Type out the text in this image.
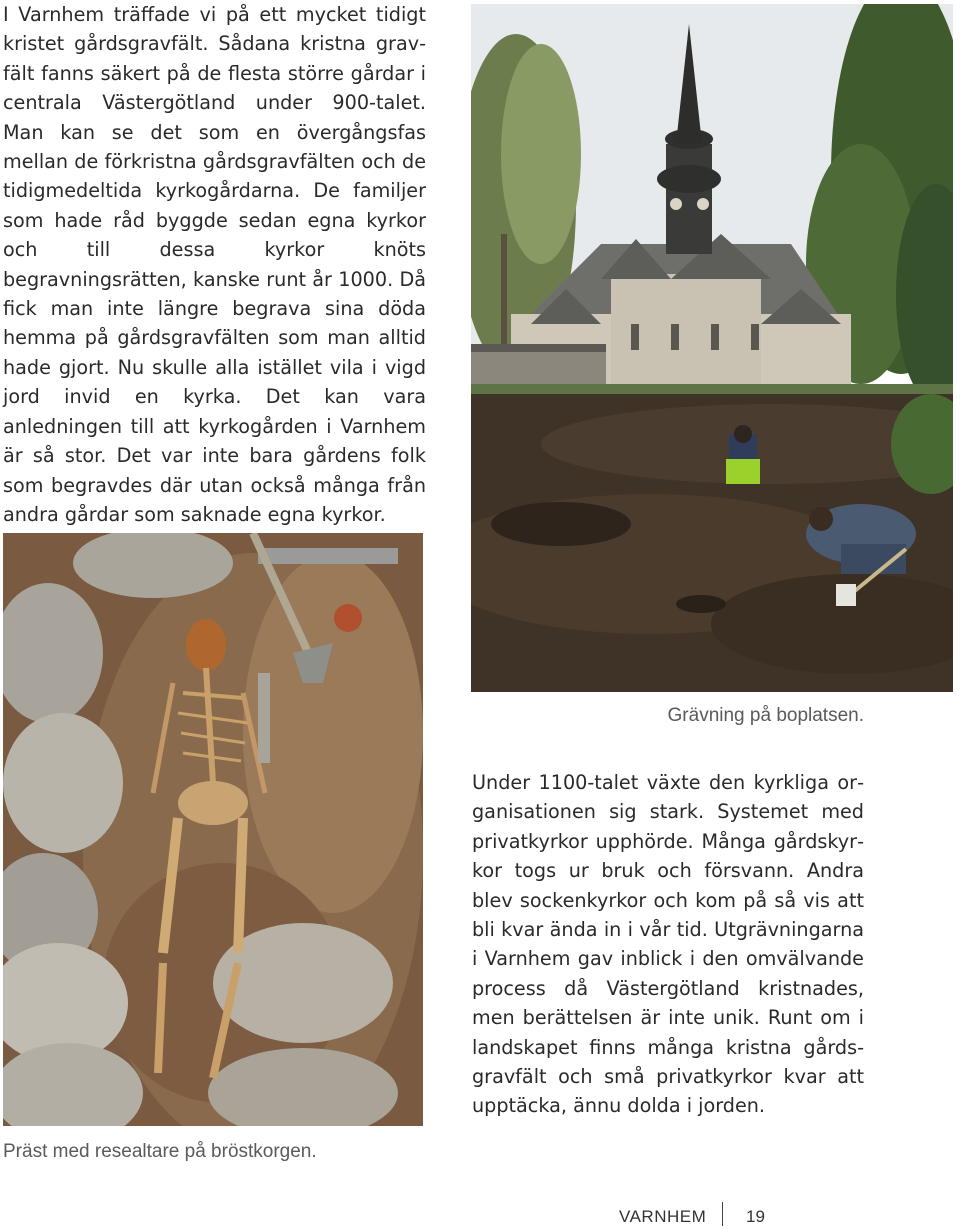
I Varnhem träffade vi på ett mycket tidigt kristet gårdsgravfält. Sådana kristna gravfält fanns säkert på de flesta större gårdar i centrala Västergötland under 900-talet. Man kan se det som en övergångsfas mellan de förkristna gårdsgravfälten och de tidigmedeltida kyrkogårdarna. De familjer som hade råd byggde sedan egna kyrkor och till dessa kyrkor knöts begravningsrätten, kanske runt år 1000. Då fick man inte längre begrava sina döda hemma på gårdsgravfälten som man alltid hade gjort. Nu skulle alla istället vila i vigd jord invid en kyrka. Det kan vara anledningen till att kyrkogården i Varnhem är så stor. Det var inte bara gårdens folk som begravdes där utan också många från andra gårdar som saknade egna kyrkor.

Grävning på boplatsen.
Präst med resealtare på bröstkorgen.

Under 1100-talet växte den kyrkliga organisationen sig stark. Systemet med privatkyrkor upphörde. Många gårdskyrkor togs ur bruk och försvann. Andra blev sockenkyrkor och kom på så vis att bli kvar ända in i vår tid. Utgrävningarna i Varnhem gav inblick i den omvälvande process då Västergötland kristnades, men berättelsen är inte unik. Runt om i landskapet finns många kristna gårdsgravfält och små privatkyrkor kvar att upptäcka, ännu dolda i jorden.

VARNHEM 19
